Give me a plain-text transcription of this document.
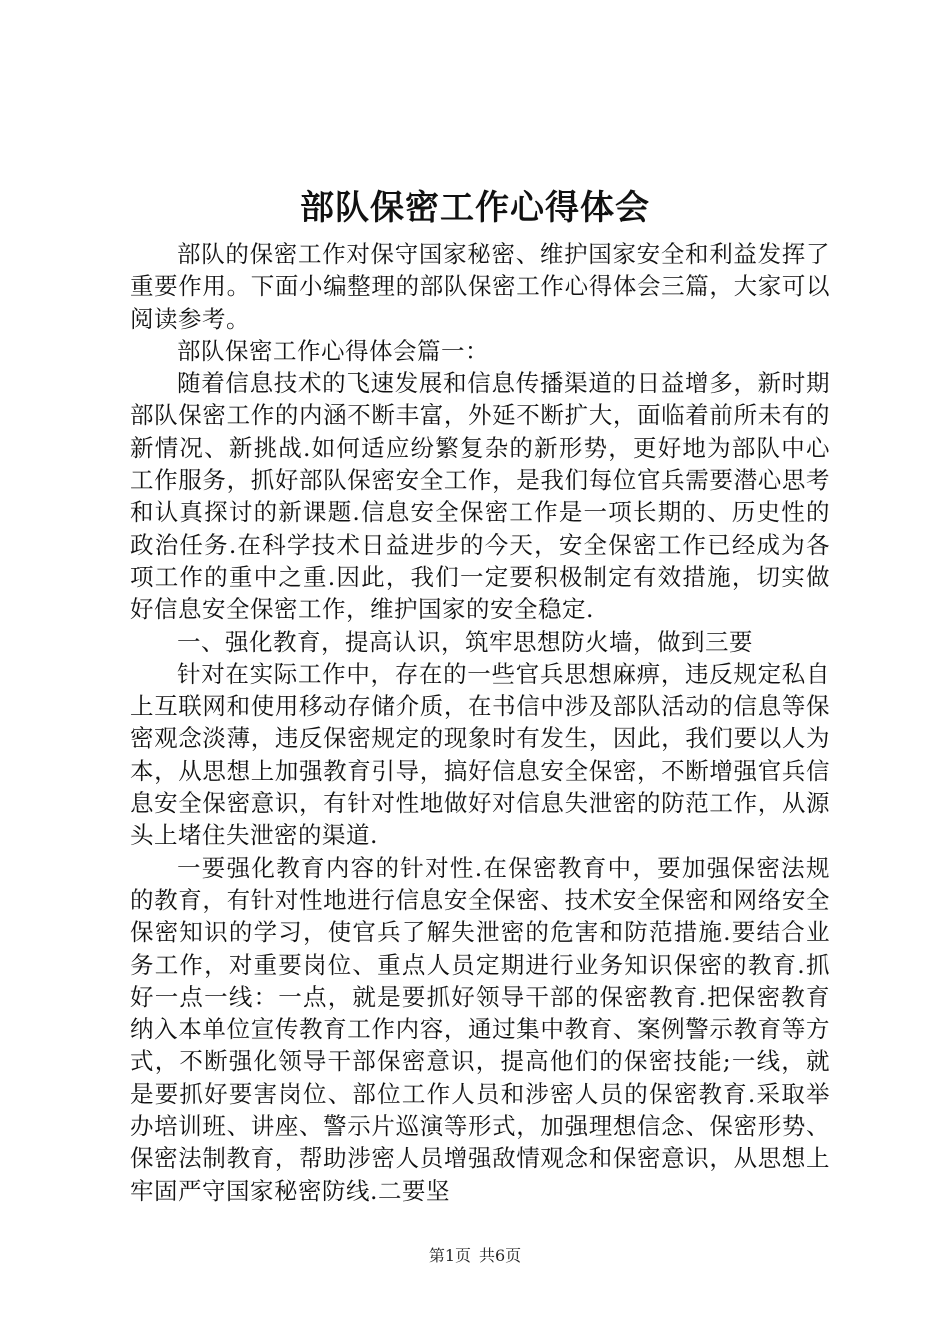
部队保密工作心得体会

部队的保密工作对保守国家秘密、维护国家安全和利益发挥了重要作用。下面小编整理的部队保密工作心得体会三篇，大家可以阅读参考。

部队保密工作心得体会篇一：

随着信息技术的飞速发展和信息传播渠道的日益增多，新时期部队保密工作的内涵不断丰富，外延不断扩大，面临着前所未有的新情况、新挑战.如何适应纷繁复杂的新形势，更好地为部队中心工作服务，抓好部队保密安全工作，是我们每位官兵需要潜心思考和认真探讨的新课题.信息安全保密工作是一项长期的、历史性的政治任务.在科学技术日益进步的今天，安全保密工作已经成为各项工作的重中之重.因此，我们一定要积极制定有效措施，切实做好信息安全保密工作，维护国家的安全稳定.

一、强化教育，提高认识，筑牢思想防火墙，做到三要

针对在实际工作中，存在的一些官兵思想麻痹，违反规定私自上互联网和使用移动存储介质，在书信中涉及部队活动的信息等保密观念淡薄，违反保密规定的现象时有发生，因此，我们要以人为本，从思想上加强教育引导，搞好信息安全保密，不断增强官兵信息安全保密意识，有针对性地做好对信息失泄密的防范工作，从源头上堵住失泄密的渠道.

一要强化教育内容的针对性.在保密教育中，要加强保密法规的教育，有针对性地进行信息安全保密、技术安全保密和网络安全保密知识的学习，使官兵了解失泄密的危害和防范措施.要结合业务工作，对重要岗位、重点人员定期进行业务知识保密的教育.抓好一点一线：一点，就是要抓好领导干部的保密教育.把保密教育纳入本单位宣传教育工作内容，通过集中教育、案例警示教育等方式，不断强化领导干部保密意识，提高他们的保密技能;一线，就是要抓好要害岗位、部位工作人员和涉密人员的保密教育.采取举办培训班、讲座、警示片巡演等形式，加强理想信念、保密形势、保密法制教育，帮助涉密人员增强敌情观念和保密意识，从思想上牢固严守国家秘密防线.二要坚

第1页 共6页
